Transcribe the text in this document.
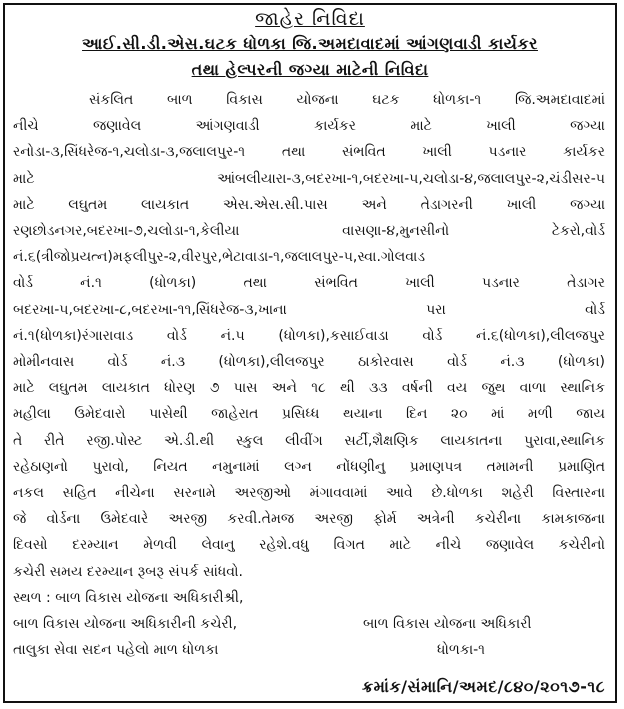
જાહેર નિવિદા
આઈ.સી.ડી.એસ.ઘટક ધોળકા જિ.અમદાવાદમાં આંગણવાડી કાર્યકર
તથા હેલ્પરની જગ્યા માટેની નિવિદા
સંકલિત બાળ વિકાસ યોજના ઘટક ધોળકા-૧ જિ.અમદાવાદમાં
નીચે જણાવેલ આંગણવાડી કાર્યકર માટે ખાલી જગ્યા
રનોડા-૩,સિંધરેજ-૧,ચલોડા-૩,જલાલપુર-૧ તથા સંભવિત ખાલી પડનાર કાર્યકર
માટે આંબલીયારા-૩,બદરખા-૧,બદરખા-૫,ચલોડા-૪,જલાલપુર-૨,ચંડીસર-૫
માટે લઘુતમ લાયકાત એસ.એસ.સી.પાસ અને તેડાગરની ખાલી જગ્યા
રણછોડનગર,બદરખા-૭,ચલોડા-૧,કેલીયા વાસણા-૪,મુનસીનો ટેકરો,વોર્ડ
નં.૬(ત્રીજોપ્રયત્ન)મફલીપુર-૨,વીરપુર,ભેટાવાડા-૧,જલાલપુર-૫,સ્વા.ગોલવાડ
વોર્ડ નં.૧ (ધોળકા) તથા સંભવિત ખાલી પડનાર તેડાગર
બદરખા-૫,બદરખા-૮,બદરખા-૧૧,સિંધરેજ-૩,ખાના પરા વોર્ડ
નં.૧(ધોળકા)રંગારાવાડ વોર્ડ નં.૫ (ધોળકા),કસાઈવાડા વોર્ડ નં.૬(ધોળકા),લીલજપુર
મોમીનવાસ વોર્ડ નં.૩ (ધોળકા),લીલજપુર ઠાકોરવાસ વોર્ડ નં.૩ (ધોળકા)
માટે લઘુતમ લાયકાત ધોરણ ૭ પાસ અને ૧૮ થી ૩૩ વર્ષની વય જુથ વાળા સ્થાનિક
મહીલા ઉમેદવારો પાસેથી જાહેરાત પ્રસિધ્ધ થયાના દિન ૨૦ માં મળી જાય
તે રીતે રજી.પોસ્ટ એ.ડી.થી સ્કુલ લીવીંગ સર્ટી,શૈક્ષણિક લાયકાતના પુરાવા,સ્થાનિક
રહેઠાણનો પુરાવો, નિયત નમુનામાં લગ્ન નોંધણીનુ પ્રમાણપત્ર તમામની પ્રમાણિત
નકલ સહિત નીચેના સરનામે અરજીઓ મંગાવવામાં આવે છે.ધોળકા શહેરી વિસ્તારના
જે વોર્ડના ઉમેદવારે અરજી કરવી.તેમજ અરજી ફોર્મ અત્રેની કચેરીના કામકાજના
દિવસો દરમ્યાન મેળવી લેવાનુ રહેશે.વધુ વિગત માટે નીચે જણાવેલ કચેરીનો
કચેરી સમય દરમ્યાન રૂબરૂ સંપર્ક સાંધવો.
સ્થળ : બાળ વિકાસ યોજના અધિકારીશ્રી,
બાળ વિકાસ યોજના અધિકારીની કચેરી,
તાલુકા સેવા સદન પહેલો માળ ધોળકા
બાળ વિકાસ યોજના અધિકારી
ધોળકા-૧
ક્રમાંક/સંમાનિ/અમદ/૮૪૦/૨૦૧૭-૧૮
